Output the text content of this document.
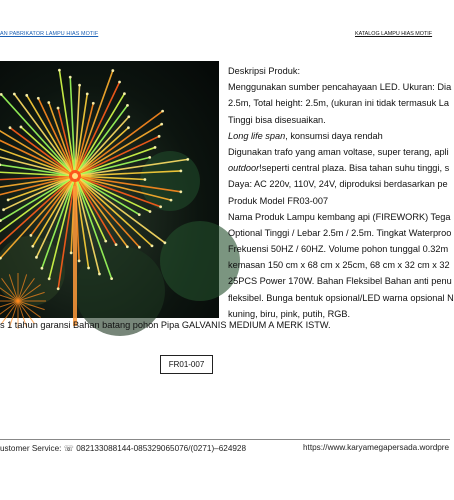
AN PABRIKATOR LAMPU HIAS MOTIF	KATALOG LAMPU HIAS MOTIF
FR01-007
Deskripsi Produk:
Menggunakan sumber pencahayaan LED. Ukuran: Dia
2.5m, Total height: 2.5m, (ukuran ini tidak termasuk La
Tinggi bisa disesuaikan.
Long life span, konsumsi daya rendah
Digunakan trafo yang aman voltase, super terang, apli
outdoor!seperti central plaza. Bisa tahan suhu tinggi, s
Daya: AC 220v, 110V, 24V, diproduksi berdasarkan pe
Produk Model FR03-007
Nama Produk Lampu kembang api (FIREWORK) Tega
Optional Tinggi / Lebar 2.5m / 2.5m. Tingkat Waterproo
Frekuensi 50HZ / 60HZ. Volume pohon tunggal 0.32m
kemasan 150 cm x 68 cm x 25cm, 68 cm x 32 cm x 32
25PCS Power 170W. Bahan Fleksibel Bahan anti penu
fleksibel. Bunga bentuk opsional/LED warna opsional N
kuning, biru, pink, putih, RGB.
s 1 tahun garansi Bahan batang pohon Pipa GALVANIS MEDIUM A MERK ISTW.
ustomer Service: ☏ 082133088144-085329065076/(0271)–624928	https://www.karyamegapersada.wordpre
